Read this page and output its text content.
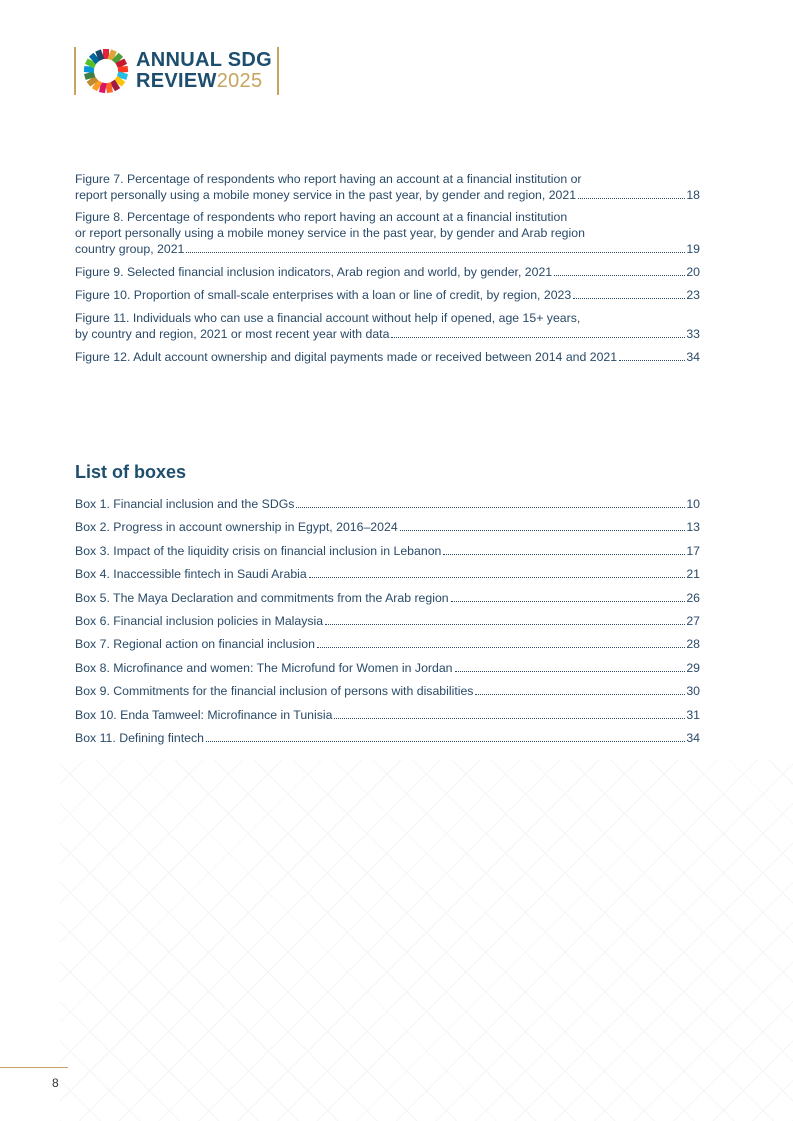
ANNUAL SDG
REVIEW2025
Figure 7. Percentage of respondents who report having an account at a financial institution or
report personally using a mobile money service in the past year, by gender and region, 2021	18
Figure 8. Percentage of respondents who report having an account at a financial institution
or report personally using a mobile money service in the past year, by gender and Arab region
country group, 2021	19
Figure 9. Selected financial inclusion indicators, Arab region and world, by gender, 2021	20
Figure 10. Proportion of small-scale enterprises with a loan or line of credit, by region, 2023	23
Figure 11. Individuals who can use a financial account without help if opened, age 15+ years,
by country and region, 2021 or most recent year with data	33
Figure 12. Adult account ownership and digital payments made or received between 2014 and 2021	34
List of boxes
Box 1. Financial inclusion and the SDGs	10
Box 2. Progress in account ownership in Egypt, 2016–2024	13
Box 3. Impact of the liquidity crisis on financial inclusion in Lebanon	17
Box 4. Inaccessible fintech in Saudi Arabia	21
Box 5. The Maya Declaration and commitments from the Arab region	26
Box 6. Financial inclusion policies in Malaysia	27
Box 7. Regional action on financial inclusion	28
Box 8. Microfinance and women: The Microfund for Women in Jordan	29
Box 9. Commitments for the financial inclusion of persons with disabilities	30
Box 10. Enda Tamweel: Microfinance in Tunisia	31
Box 11. Defining fintech	34
8
